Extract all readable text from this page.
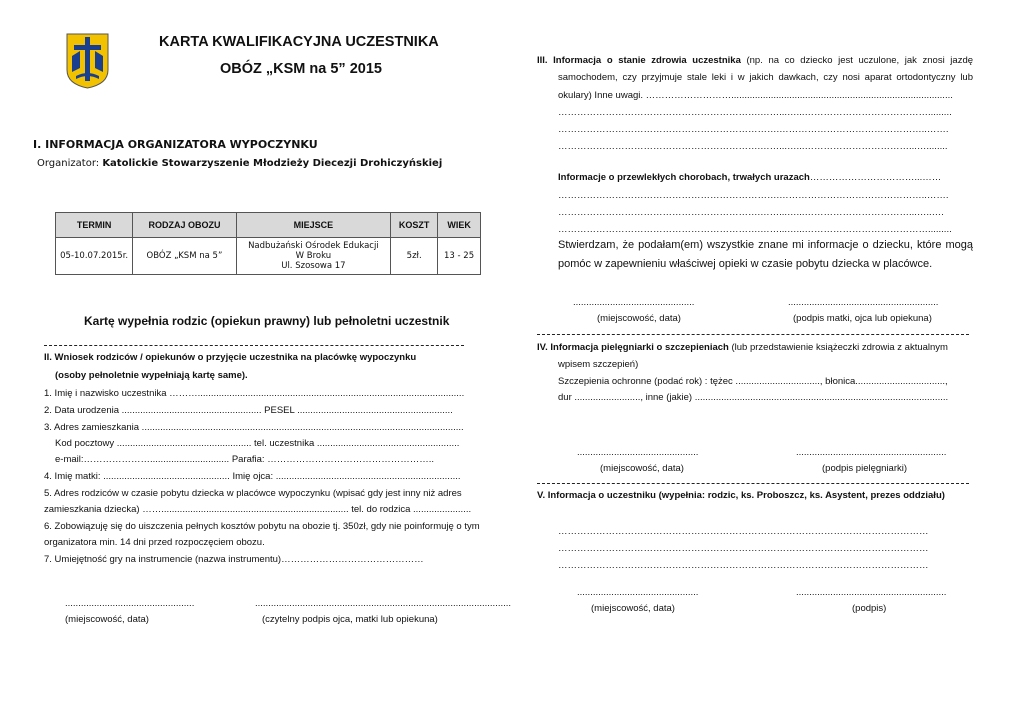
KARTA KWALIFIKACYJNA UCZESTNIKA
OBÓZ „KSM na 5” 2015
I. INFORMACJA ORGANIZATORA WYPOCZYNKU
Organizator: Katolickie Stowarzyszenie Młodzieży Diecezji Drohiczyńskiej
TERMIN	RODZAJ OBOZU	MIEJSCE	KOSZT	WIEK
05-10.07.2015r.	OBÓZ „KSM na 5”	Nadbużański Ośrodek Edukacji
W Broku
Ul. Szosowa 17	5zł.	13 - 25
Kartę wypełnia rodzic (opiekun prawny) lub pełnoletni uczestnik
II. Wniosek rodziców / opiekunów o przyjęcie uczestnika na placówkę wypoczynku
(osoby pełnoletnie wypełniają kartę same).
1. Imię i nazwisko uczestnika ……….....................................................................................................
2. Data urodzenia ..................................................... PESEL ...........................................................
3. Adres zamieszkania ..........................................................................................................................
Kod pocztowy ................................................... tel. uczestnika ......................................................
e-mail:………………….............................. Parafia: ……………………………………………..
4. Imię matki: ................................................ Imię ojca: ......................................................................
5. Adres rodziców w czasie pobytu dziecka w placówce wypoczynku (wpisać gdy jest inny niż adres
zamieszkania dziecka) ……....................................................................... tel. do rodzica ......................
6. Zobowiązuję się do uiszczenia pełnych kosztów pobytu na obozie tj. 350zł, gdy nie poinformuję o tym
organizatora min. 14 dni przed rozpoczęciem obozu.
7. Umiejętność gry na instrumencie (nazwa instrumentu)………………………………………
.................................................	.................................................................................................
(miejscowość, data)	(czytelny podpis ojca, matki lub opiekuna)
III. Informacja o stanie zdrowia uczestnika (np. na co dziecko jest uczulone, jak znosi jazdę
samochodem, czy przyjmuje stale leki i w jakich dawkach, czy nosi aparat ortodontyczny lub
okulary) Inne uwagi. ………………………....................................................................................
……………………………………………………….……...…...………………………………….........
…………………………………………………………….………………………………………..…….
……………………………………………………….……...…...……………………………...…........
Informacje o przewlekłych chorobach, trwałych urazach……………………………...……
…………………………………………………………….………………………………………..…….
……………………………………………………….……...…...……………………………...…..….
……………………………………………………….……...…...………………………………….........
Stwierdzam, że podałam(em) wszystkie znane mi informacje o dziecku, które mogą
pomóc w zapewnieniu właściwej opieki w czasie pobytu dziecka w placówce.
..............................................	.........................................................
(miejscowość, data)	(podpis matki, ojca lub opiekuna)
IV. Informacja pielęgniarki o szczepieniach (lub przedstawienie książeczki zdrowia z aktualnym
wpisem szczepień)
Szczepienia ochronne (podać rok) : tężec ................................, błonica..................................,
dur ........................., inne (jakie) ................................................................................................
..............................................	.........................................................
(miejscowość, data)	(podpis pielęgniarki)
V. Informacja o uczestniku (wypełnia: rodzic, ks. Proboszcz, ks. Asystent, prezes oddziału)
………………………………………………………………………………………………………
………………………………………………………………………………………………………
………………………………………………………………………………………………………
..............................................	.........................................................
(miejscowość, data)	(podpis)
